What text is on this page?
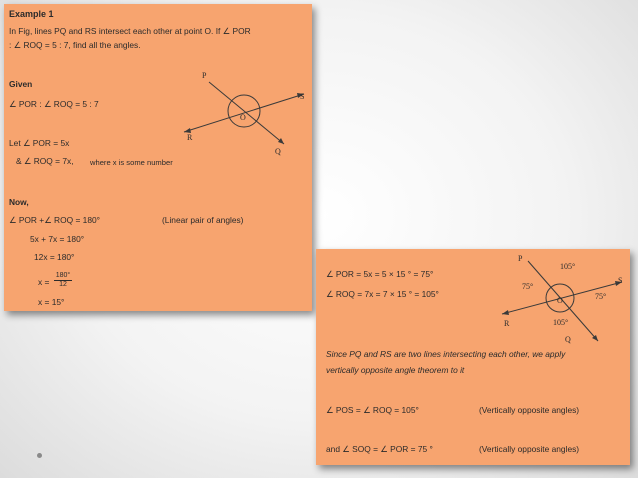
Example 1
In Fig, lines PQ and RS intersect each other at point O. If ∠ POR
: ∠ ROQ = 5 : 7, find all the angles.
Given
∠ POR : ∠ ROQ = 5 : 7
P
S
O
R
Q
Let ∠ POR = 5x
& ∠ ROQ = 7x, where x is some number
Now,
∠ POR +∠ ROQ = 180°	(Linear pair of angles)
5x + 7x = 180°
12x = 180°
$x = \frac{180^\circ}{12}$
x = 15°
∠ POR = 5x = 5 × 15 ° = 75°
∠ ROQ = 7x = 7 × 15 ° = 105°
P
105°
S
75°
O	75°
R	105°
Q
Since PQ and RS are two lines intersecting each other, we apply
vertically opposite angle theorem to it
∠ POS = ∠ ROQ = 105°	(Vertically opposite angles)
and ∠ SOQ = ∠ POR = 75 °	(Vertically opposite angles)
